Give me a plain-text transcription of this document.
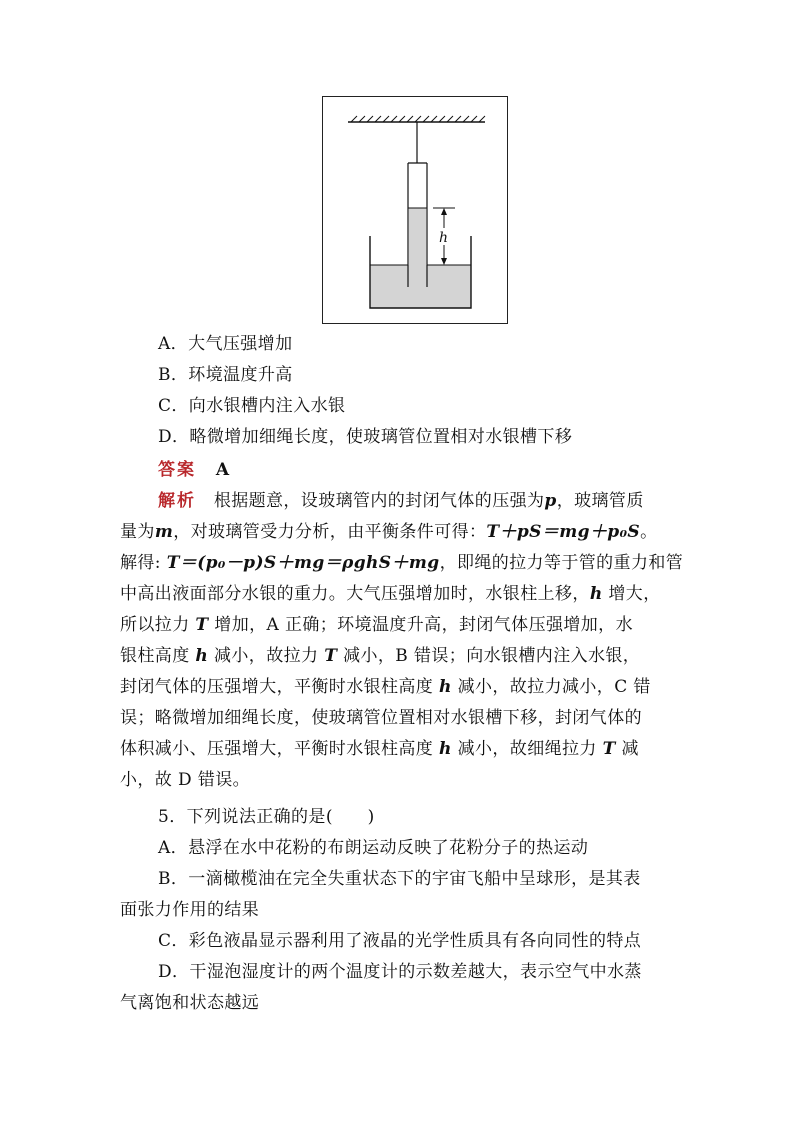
h
A．大气压强增加
B．环境温度升高
C．向水银槽内注入水银
D．略微增加细绳长度，使玻璃管位置相对水银槽下移
答案 A
解析 根据题意，设玻璃管内的封闭气体的压强为p，玻璃管质
量为m，对玻璃管受力分析，由平衡条件可得：T＋pS＝mg＋p₀S。
解得: T＝(p₀－p)S＋mg＝ρghS＋mg，即绳的拉力等于管的重力和管
中高出液面部分水银的重力。大气压强增加时，水银柱上移，h 增大，
所以拉力 T 增加，A 正确；环境温度升高，封闭气体压强增加，水
银柱高度 h 减小，故拉力 T 减小，B 错误；向水银槽内注入水银，
封闭气体的压强增大，平衡时水银柱高度 h 减小，故拉力减小，C 错
误；略微增加细绳长度，使玻璃管位置相对水银槽下移，封闭气体的
体积减小、压强增大，平衡时水银柱高度 h 减小，故细绳拉力 T 减
小，故 D 错误。
5．下列说法正确的是(　　)
A．悬浮在水中花粉的布朗运动反映了花粉分子的热运动
B．一滴橄榄油在完全失重状态下的宇宙飞船中呈球形，是其表
面张力作用的结果
C．彩色液晶显示器利用了液晶的光学性质具有各向同性的特点
D．干湿泡湿度计的两个温度计的示数差越大，表示空气中水蒸
气离饱和状态越远
